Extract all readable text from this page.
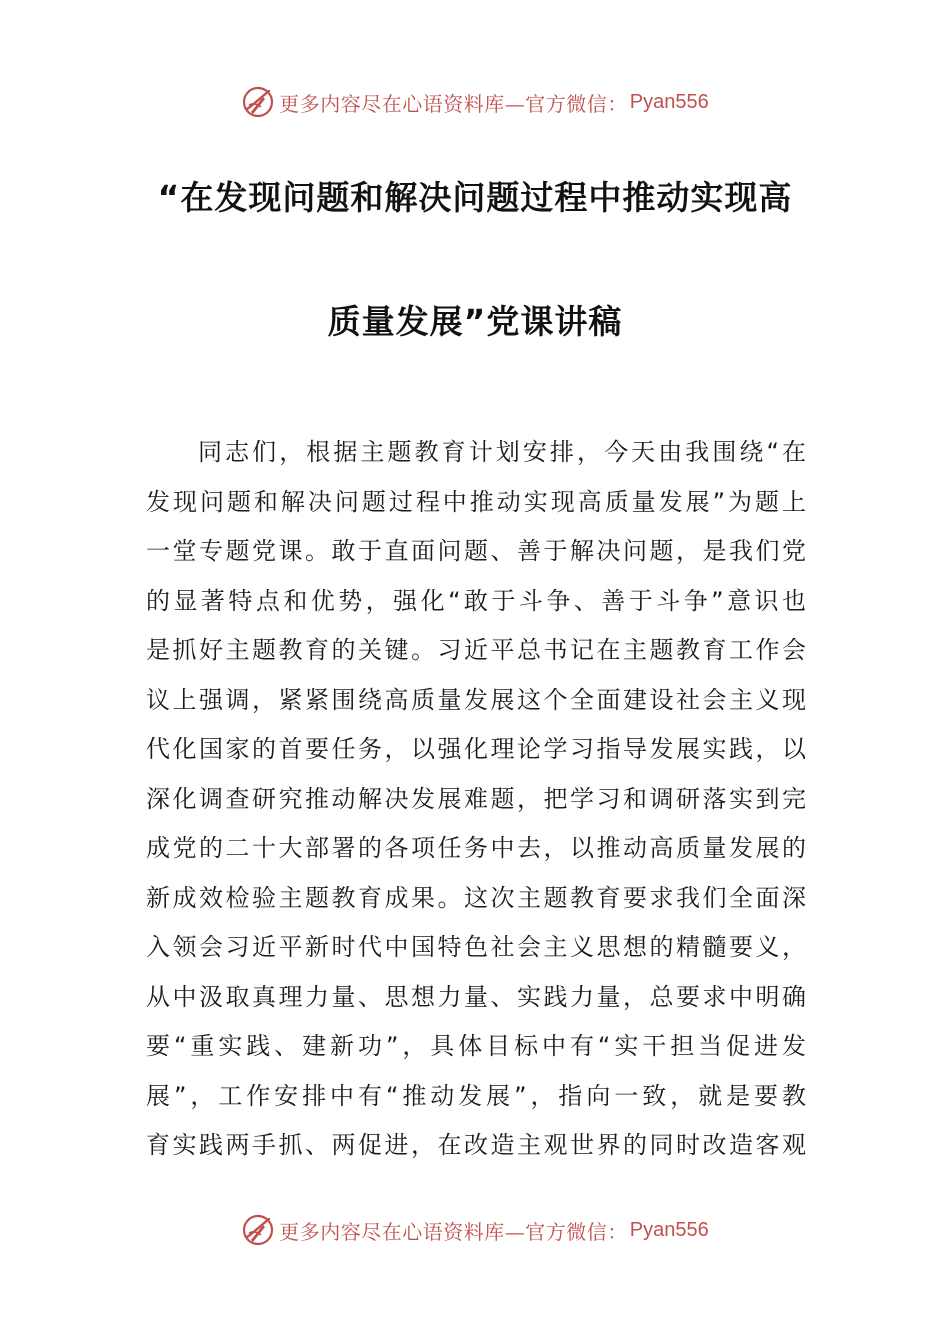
更多内容尽在心语资料库—官方微信： Pyan556
“在发现问题和解决问题过程中推动实现高
质量发展”党课讲稿
同志们，根据主题教育计划安排，今天由我围绕“在
发现问题和解决问题过程中推动实现高质量发展”为题上
一堂专题党课。敢于直面问题、善于解决问题，是我们党
的显著特点和优势，强化“敢于斗争、善于斗争”意识也
是抓好主题教育的关键。习近平总书记在主题教育工作会
议上强调，紧紧围绕高质量发展这个全面建设社会主义现
代化国家的首要任务，以强化理论学习指导发展实践，以
深化调查研究推动解决发展难题，把学习和调研落实到完
成党的二十大部署的各项任务中去，以推动高质量发展的
新成效检验主题教育成果。这次主题教育要求我们全面深
入领会习近平新时代中国特色社会主义思想的精髓要义，
从中汲取真理力量、思想力量、实践力量，总要求中明确
要“重实践、建新功”，具体目标中有“实干担当促进发
展”，工作安排中有“推动发展”，指向一致，就是要教
育实践两手抓、两促进，在改造主观世界的同时改造客观
更多内容尽在心语资料库—官方微信： Pyan556
